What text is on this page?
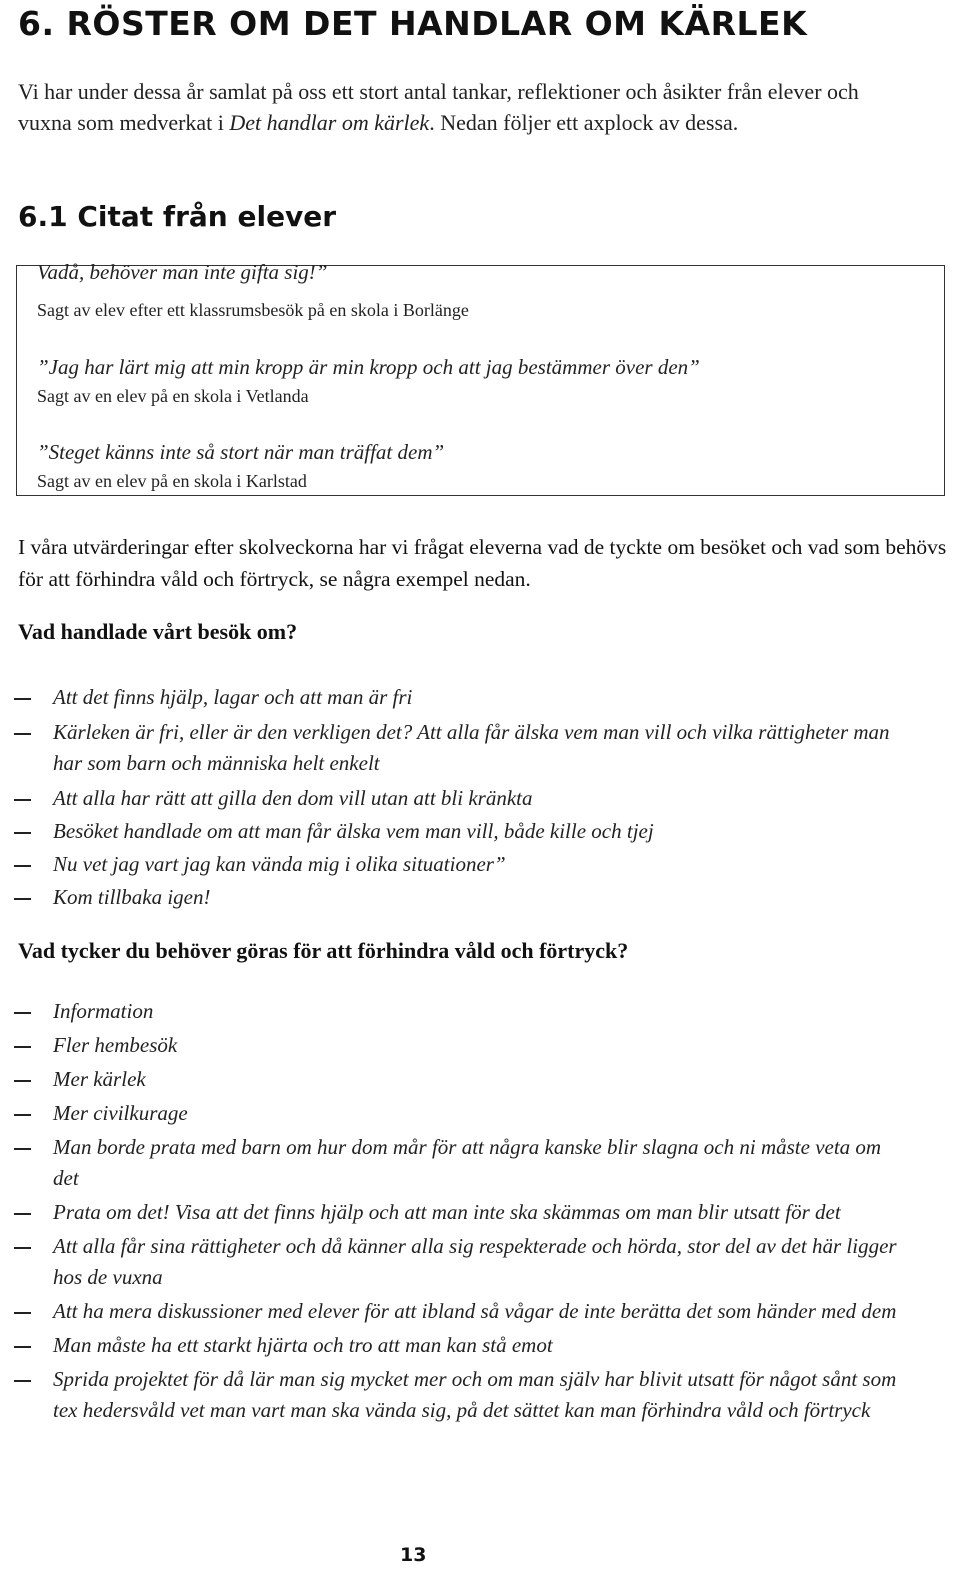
6. RÖSTER OM DET HANDLAR OM KÄRLEK

Vi har under dessa år samlat på oss ett stort antal tankar, reflektioner och åsikter från elever och vuxna som medverkat i Det handlar om kärlek. Nedan följer ett axplock av dessa.

6.1 Citat från elever
Vadå, behöver man inte gifta sig!”
Sagt av elev efter ett klassrumsbesök på en skola i Borlänge
”Jag har lärt mig att min kropp är min kropp och att jag bestämmer över den”
Sagt av en elev på en skola i Vetlanda
”Steget känns inte så stort när man träffat dem”
Sagt av en elev på en skola i Karlstad

I våra utvärderingar efter skolveckorna har vi frågat eleverna vad de tyckte om besöket och vad som behövs för att förhindra våld och förtryck, se några exempel nedan.

Vad handlade vårt besök om?
Att det finns hjälp, lagar och att man är fri
Kärleken är fri, eller är den verkligen det? Att alla får älska vem man vill och vilka rättigheter man har som barn och människa helt enkelt
Att alla har rätt att gilla den dom vill utan att bli kränkta
Besöket handlade om att man får älska vem man vill, både kille och tjej
Nu vet jag vart jag kan vända mig i olika situationer”
Kom tillbaka igen!
Vad tycker du behöver göras för att förhindra våld och förtryck?
Information
Fler hembesök
Mer kärlek
Mer civilkurage
Man borde prata med barn om hur dom mår för att några kanske blir slagna och ni måste veta om det
Prata om det! Visa att det finns hjälp och att man inte ska skämmas om man blir utsatt för det
Att alla får sina rättigheter och då känner alla sig respekterade och hörda, stor del av det här ligger hos de vuxna
Att ha mera diskussioner med elever för att ibland så vågar de inte berätta det som händer med dem
Man måste ha ett starkt hjärta och tro att man kan stå emot
Sprida projektet för då lär man sig mycket mer och om man själv har blivit utsatt för något sånt som tex hedersvåld vet man vart man ska vända sig, på det sättet kan man förhindra våld och förtryck
13
